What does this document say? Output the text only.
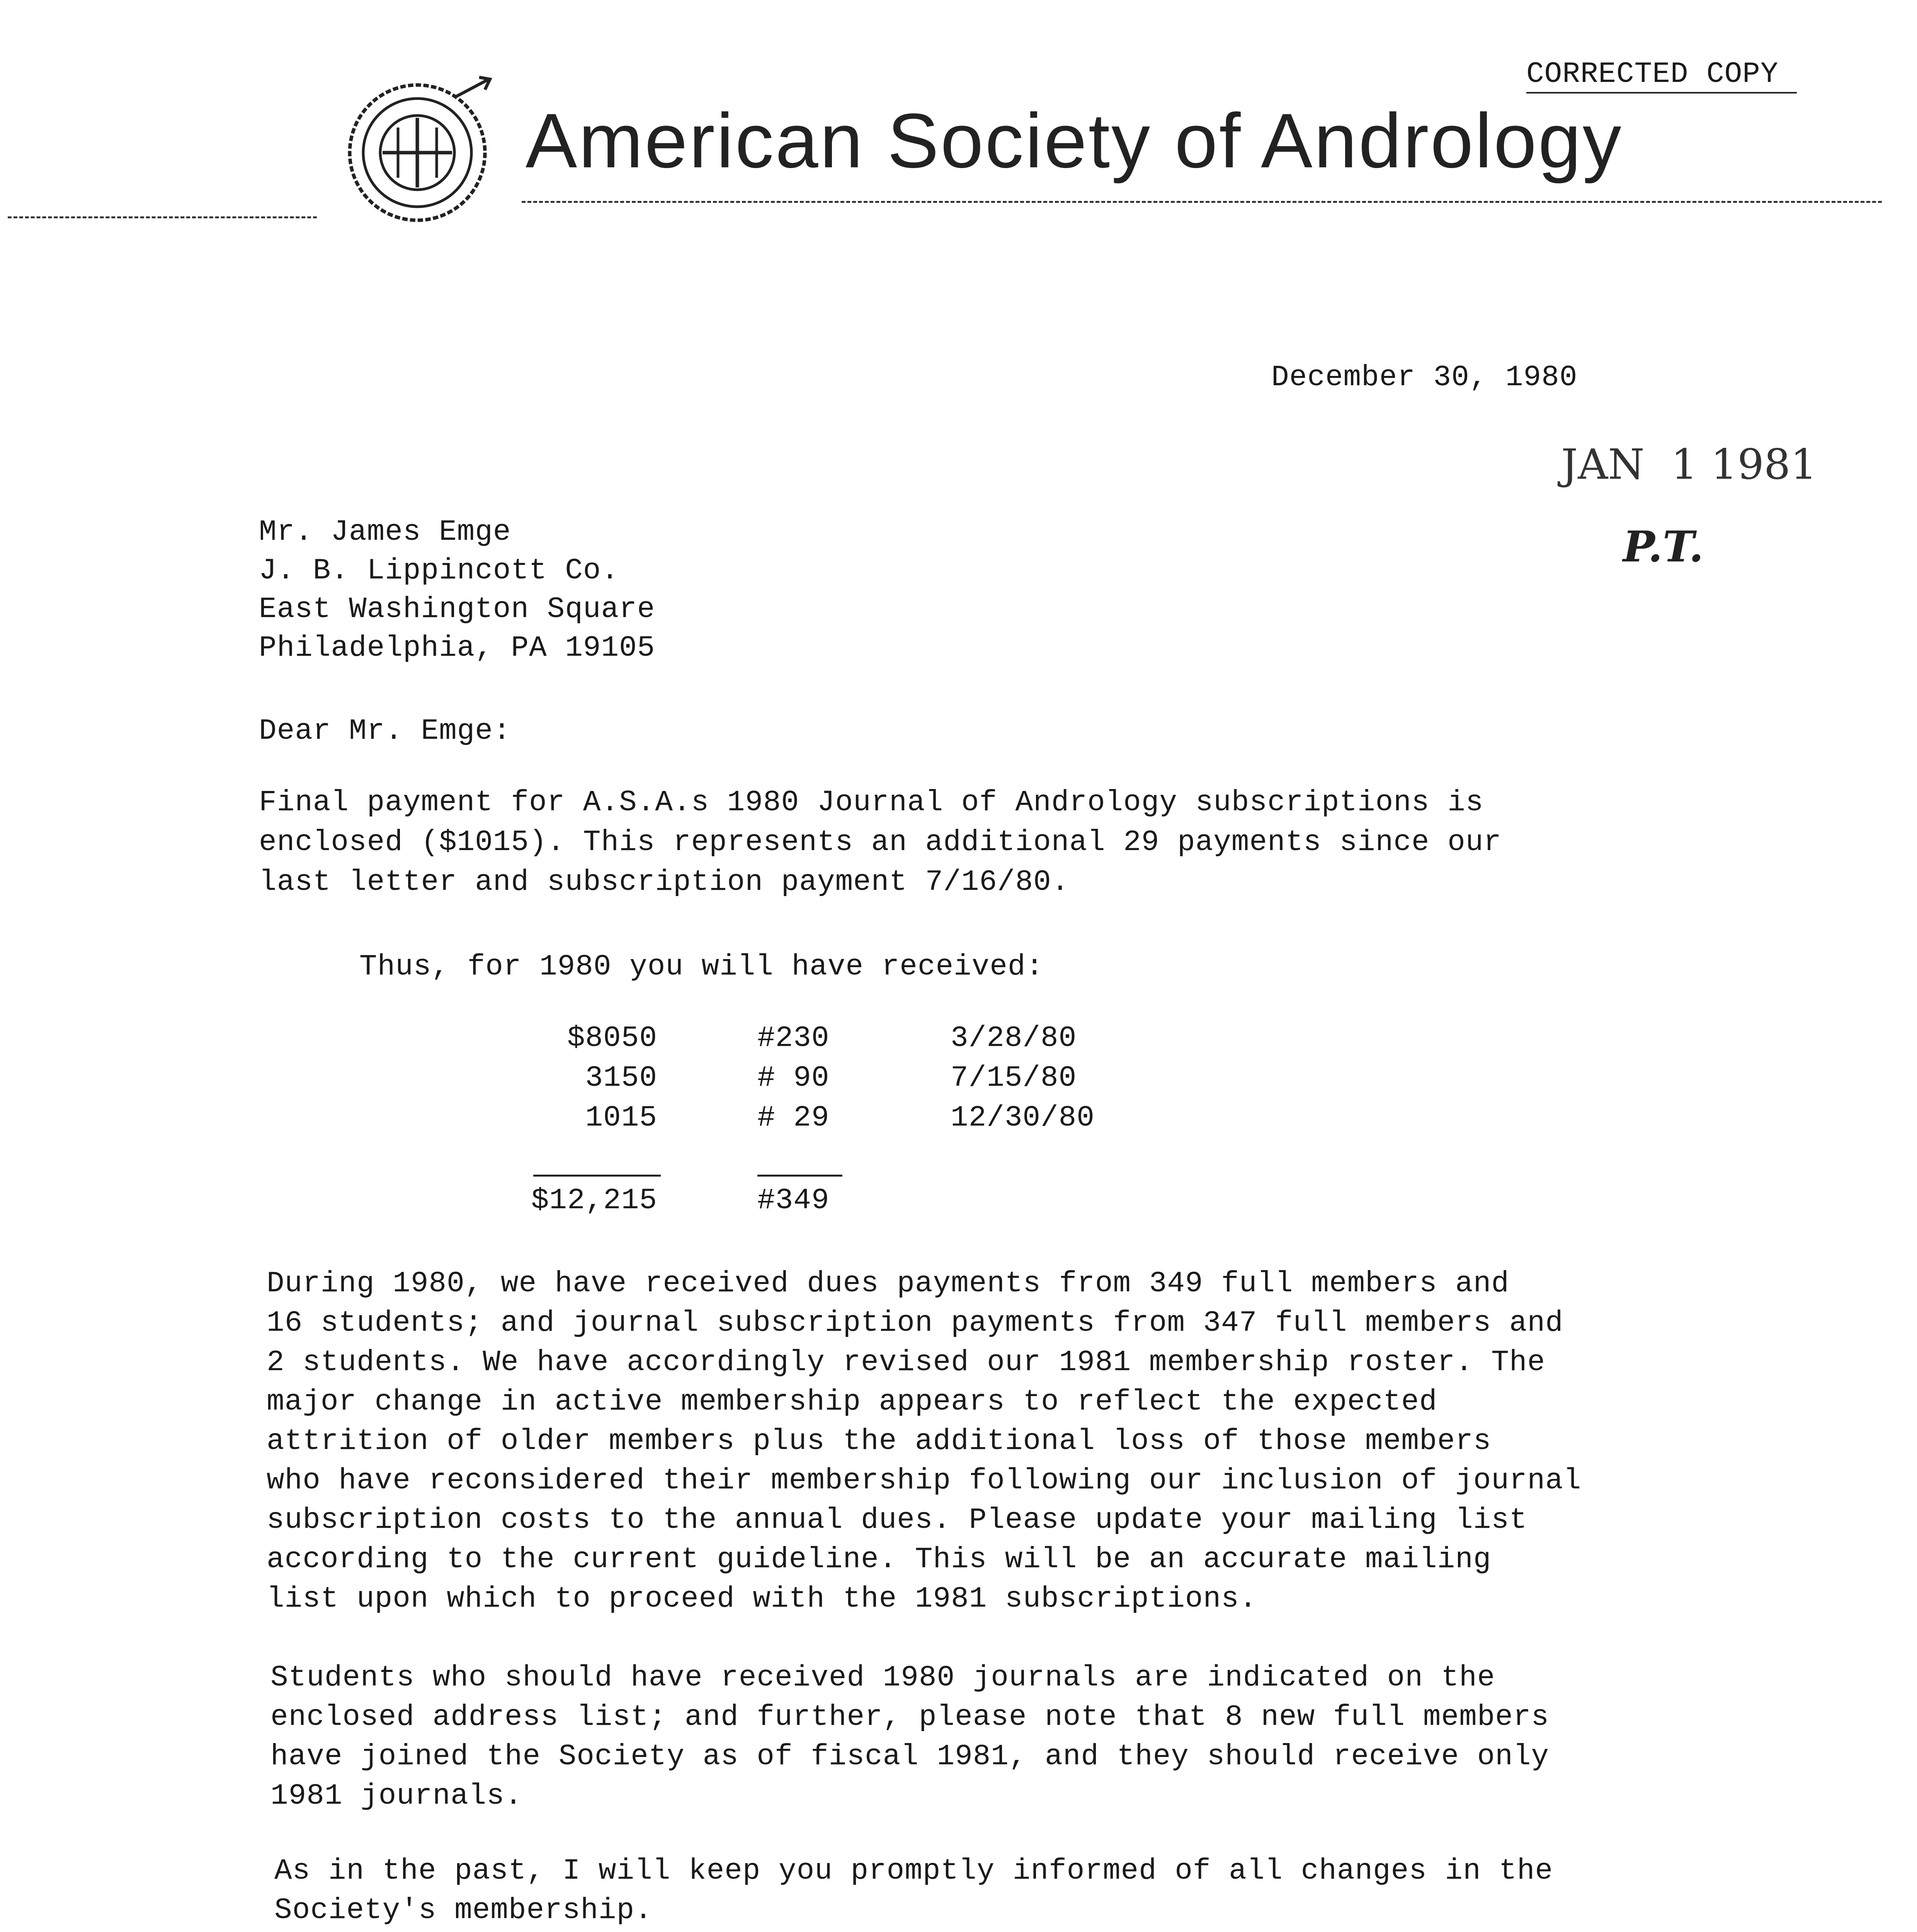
CORRECTED COPY
American Society of Andrology
December 30, 1980
JAN  1 1981
P.T.
Mr. James Emge
J. B. Lippincott Co.
East Washington Square
Philadelphia, PA 19105
Dear Mr. Emge:
Final payment for A.S.A.s 1980 Journal of Andrology subscriptions is
enclosed ($1015). This represents an additional 29 payments since our
last letter and subscription payment 7/16/80.
Thus, for 1980 you will have received:
$8050	#230	3/28/80
3150	# 90	7/15/80
1015	# 29	12/30/80
$12,215	#349
During 1980, we have received dues payments from 349 full members and
16 students; and journal subscription payments from 347 full members and
2 students. We have accordingly revised our 1981 membership roster. The
major change in active membership appears to reflect the expected
attrition of older members plus the additional loss of those members
who have reconsidered their membership following our inclusion of journal
subscription costs to the annual dues. Please update your mailing list
according to the current guideline. This will be an accurate mailing
list upon which to proceed with the 1981 subscriptions.
Students who should have received 1980 journals are indicated on the
enclosed address list; and further, please note that 8 new full members
have joined the Society as of fiscal 1981, and they should receive only
1981 journals.
As in the past, I will keep you promptly informed of all changes in the
Society's membership.
